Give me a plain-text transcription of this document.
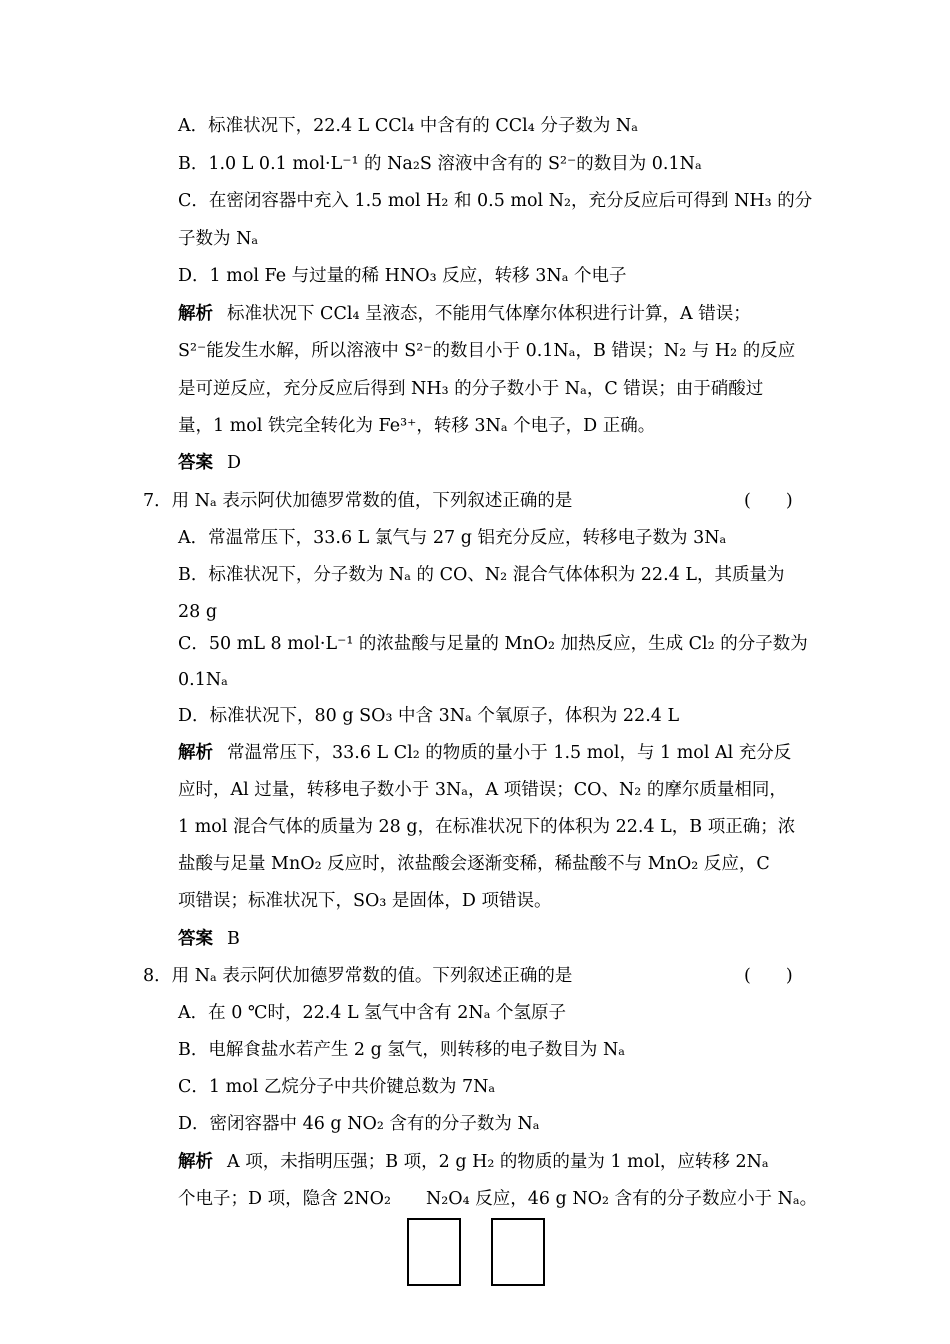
A．标准状况下，22.4 L CCl₄ 中含有的 CCl₄ 分子数为 Nₐ
B．1.0 L 0.1 mol·L⁻¹ 的 Na₂S 溶液中含有的 S²⁻的数目为 0.1Nₐ
C．在密闭容器中充入 1.5 mol H₂ 和 0.5 mol N₂，充分反应后可得到 NH₃ 的分
子数为 Nₐ
D．1 mol Fe 与过量的稀 HNO₃ 反应，转移 3Nₐ 个电子
解析 标准状况下 CCl₄ 呈液态，不能用气体摩尔体积进行计算，A 错误；
S²⁻能发生水解，所以溶液中 S²⁻的数目小于 0.1Nₐ，B 错误；N₂ 与 H₂ 的反应
是可逆反应，充分反应后得到 NH₃ 的分子数小于 Nₐ，C 错误；由于硝酸过
量，1 mol 铁完全转化为 Fe³⁺，转移 3Nₐ 个电子，D 正确。
答案 D
7．用 Nₐ 表示阿伏加德罗常数的值，下列叙述正确的是	(　　)
A．常温常压下，33.6 L 氯气与 27 g 铝充分反应，转移电子数为 3Nₐ
B．标准状况下，分子数为 Nₐ 的 CO、N₂ 混合气体体积为 22.4 L，其质量为
28 g
C．50 mL 8 mol·L⁻¹ 的浓盐酸与足量的 MnO₂ 加热反应，生成 Cl₂ 的分子数为
0.1Nₐ
D．标准状况下，80 g SO₃ 中含 3Nₐ 个氧原子，体积为 22.4 L
解析 常温常压下，33.6 L Cl₂ 的物质的量小于 1.5 mol，与 1 mol Al 充分反
应时，Al 过量，转移电子数小于 3Nₐ，A 项错误；CO、N₂ 的摩尔质量相同，
1 mol 混合气体的质量为 28 g，在标准状况下的体积为 22.4 L，B 项正确；浓
盐酸与足量 MnO₂ 反应时，浓盐酸会逐渐变稀，稀盐酸不与 MnO₂ 反应，C
项错误；标准状况下，SO₃ 是固体，D 项错误。
答案 B
8．用 Nₐ 表示阿伏加德罗常数的值。下列叙述正确的是	(　　)
A．在 0 ℃时，22.4 L 氢气中含有 2Nₐ 个氢原子
B．电解食盐水若产生 2 g 氢气，则转移的电子数目为 Nₐ
C．1 mol 乙烷分子中共价键总数为 7Nₐ
D．密闭容器中 46 g NO₂ 含有的分子数为 Nₐ
解析 A 项，未指明压强；B 项，2 g H₂ 的物质的量为 1 mol，应转移 2Nₐ
个电子；D 项，隐含 2NO₂　　N₂O₄ 反应，46 g NO₂ 含有的分子数应小于 Nₐ。
